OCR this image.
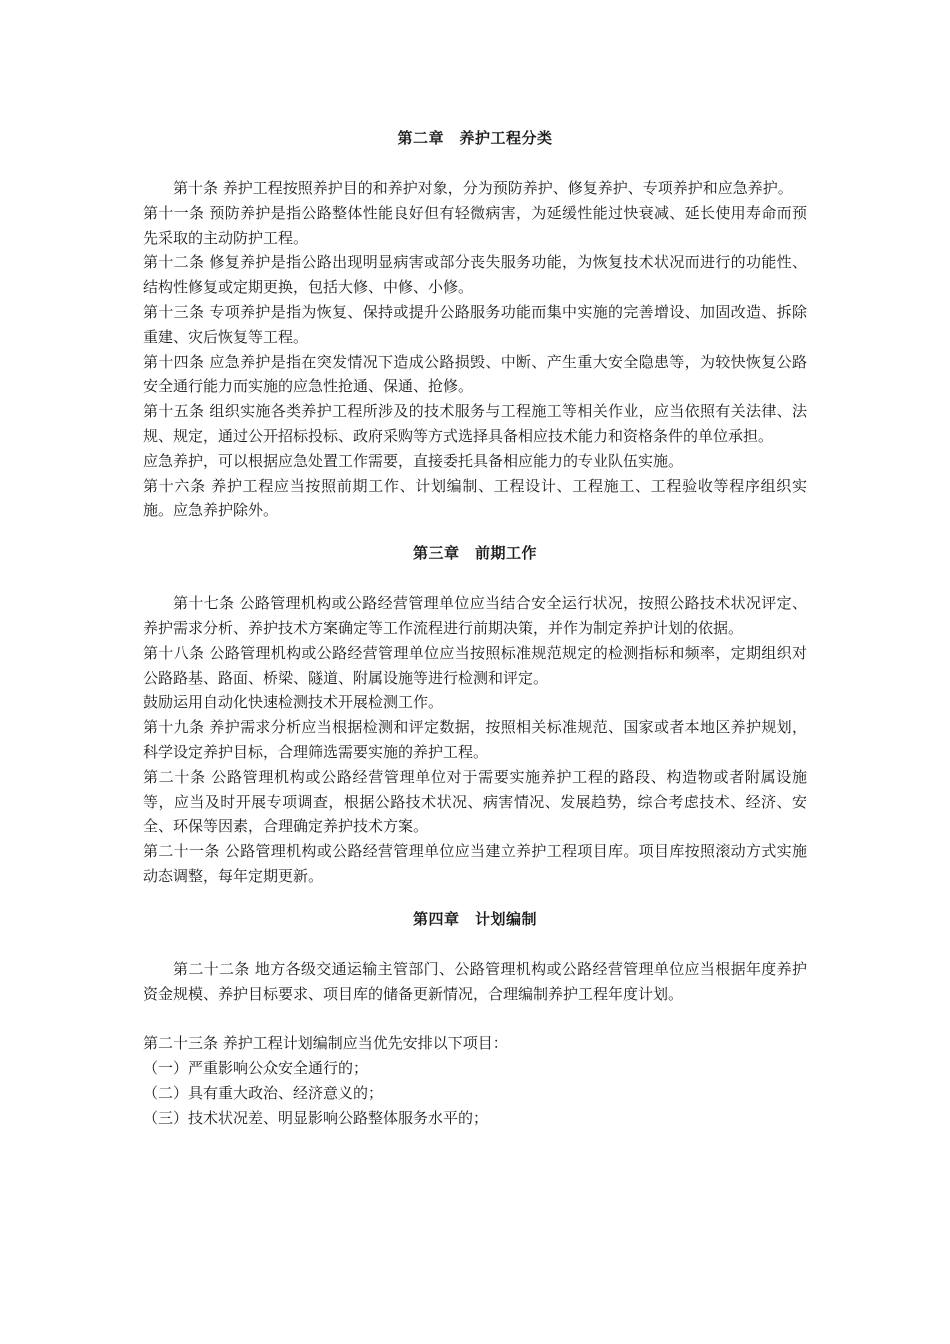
第二章　养护工程分类

第十条 养护工程按照养护目的和养护对象，分为预防养护、修复养护、专项养护和应急养护。

第十一条 预防养护是指公路整体性能良好但有轻微病害，为延缓性能过快衰减、延长使用寿命而预先采取的主动防护工程。

第十二条 修复养护是指公路出现明显病害或部分丧失服务功能，为恢复技术状况而进行的功能性、结构性修复或定期更换，包括大修、中修、小修。

第十三条 专项养护是指为恢复、保持或提升公路服务功能而集中实施的完善增设、加固改造、拆除重建、灾后恢复等工程。

第十四条 应急养护是指在突发情况下造成公路损毁、中断、产生重大安全隐患等，为较快恢复公路安全通行能力而实施的应急性抢通、保通、抢修。

第十五条 组织实施各类养护工程所涉及的技术服务与工程施工等相关作业，应当依照有关法律、法规、规定，通过公开招标投标、政府采购等方式选择具备相应技术能力和资格条件的单位承担。

应急养护，可以根据应急处置工作需要，直接委托具备相应能力的专业队伍实施。

第十六条 养护工程应当按照前期工作、计划编制、工程设计、工程施工、工程验收等程序组织实施。应急养护除外。

第三章　前期工作

第十七条 公路管理机构或公路经营管理单位应当结合安全运行状况，按照公路技术状况评定、养护需求分析、养护技术方案确定等工作流程进行前期决策，并作为制定养护计划的依据。

第十八条 公路管理机构或公路经营管理单位应当按照标准规范规定的检测指标和频率，定期组织对公路路基、路面、桥梁、隧道、附属设施等进行检测和评定。

鼓励运用自动化快速检测技术开展检测工作。

第十九条 养护需求分析应当根据检测和评定数据，按照相关标准规范、国家或者本地区养护规划，科学设定养护目标，合理筛选需要实施的养护工程。

第二十条 公路管理机构或公路经营管理单位对于需要实施养护工程的路段、构造物或者附属设施等，应当及时开展专项调查，根据公路技术状况、病害情况、发展趋势，综合考虑技术、经济、安全、环保等因素，合理确定养护技术方案。

第二十一条 公路管理机构或公路经营管理单位应当建立养护工程项目库。项目库按照滚动方式实施动态调整，每年定期更新。

第四章　计划编制

第二十二条 地方各级交通运输主管部门、公路管理机构或公路经营管理单位应当根据年度养护资金规模、养护目标要求、项目库的储备更新情况，合理编制养护工程年度计划。

第二十三条 养护工程计划编制应当优先安排以下项目：

（一）严重影响公众安全通行的；

（二）具有重大政治、经济意义的；

（三）技术状况差、明显影响公路整体服务水平的；
